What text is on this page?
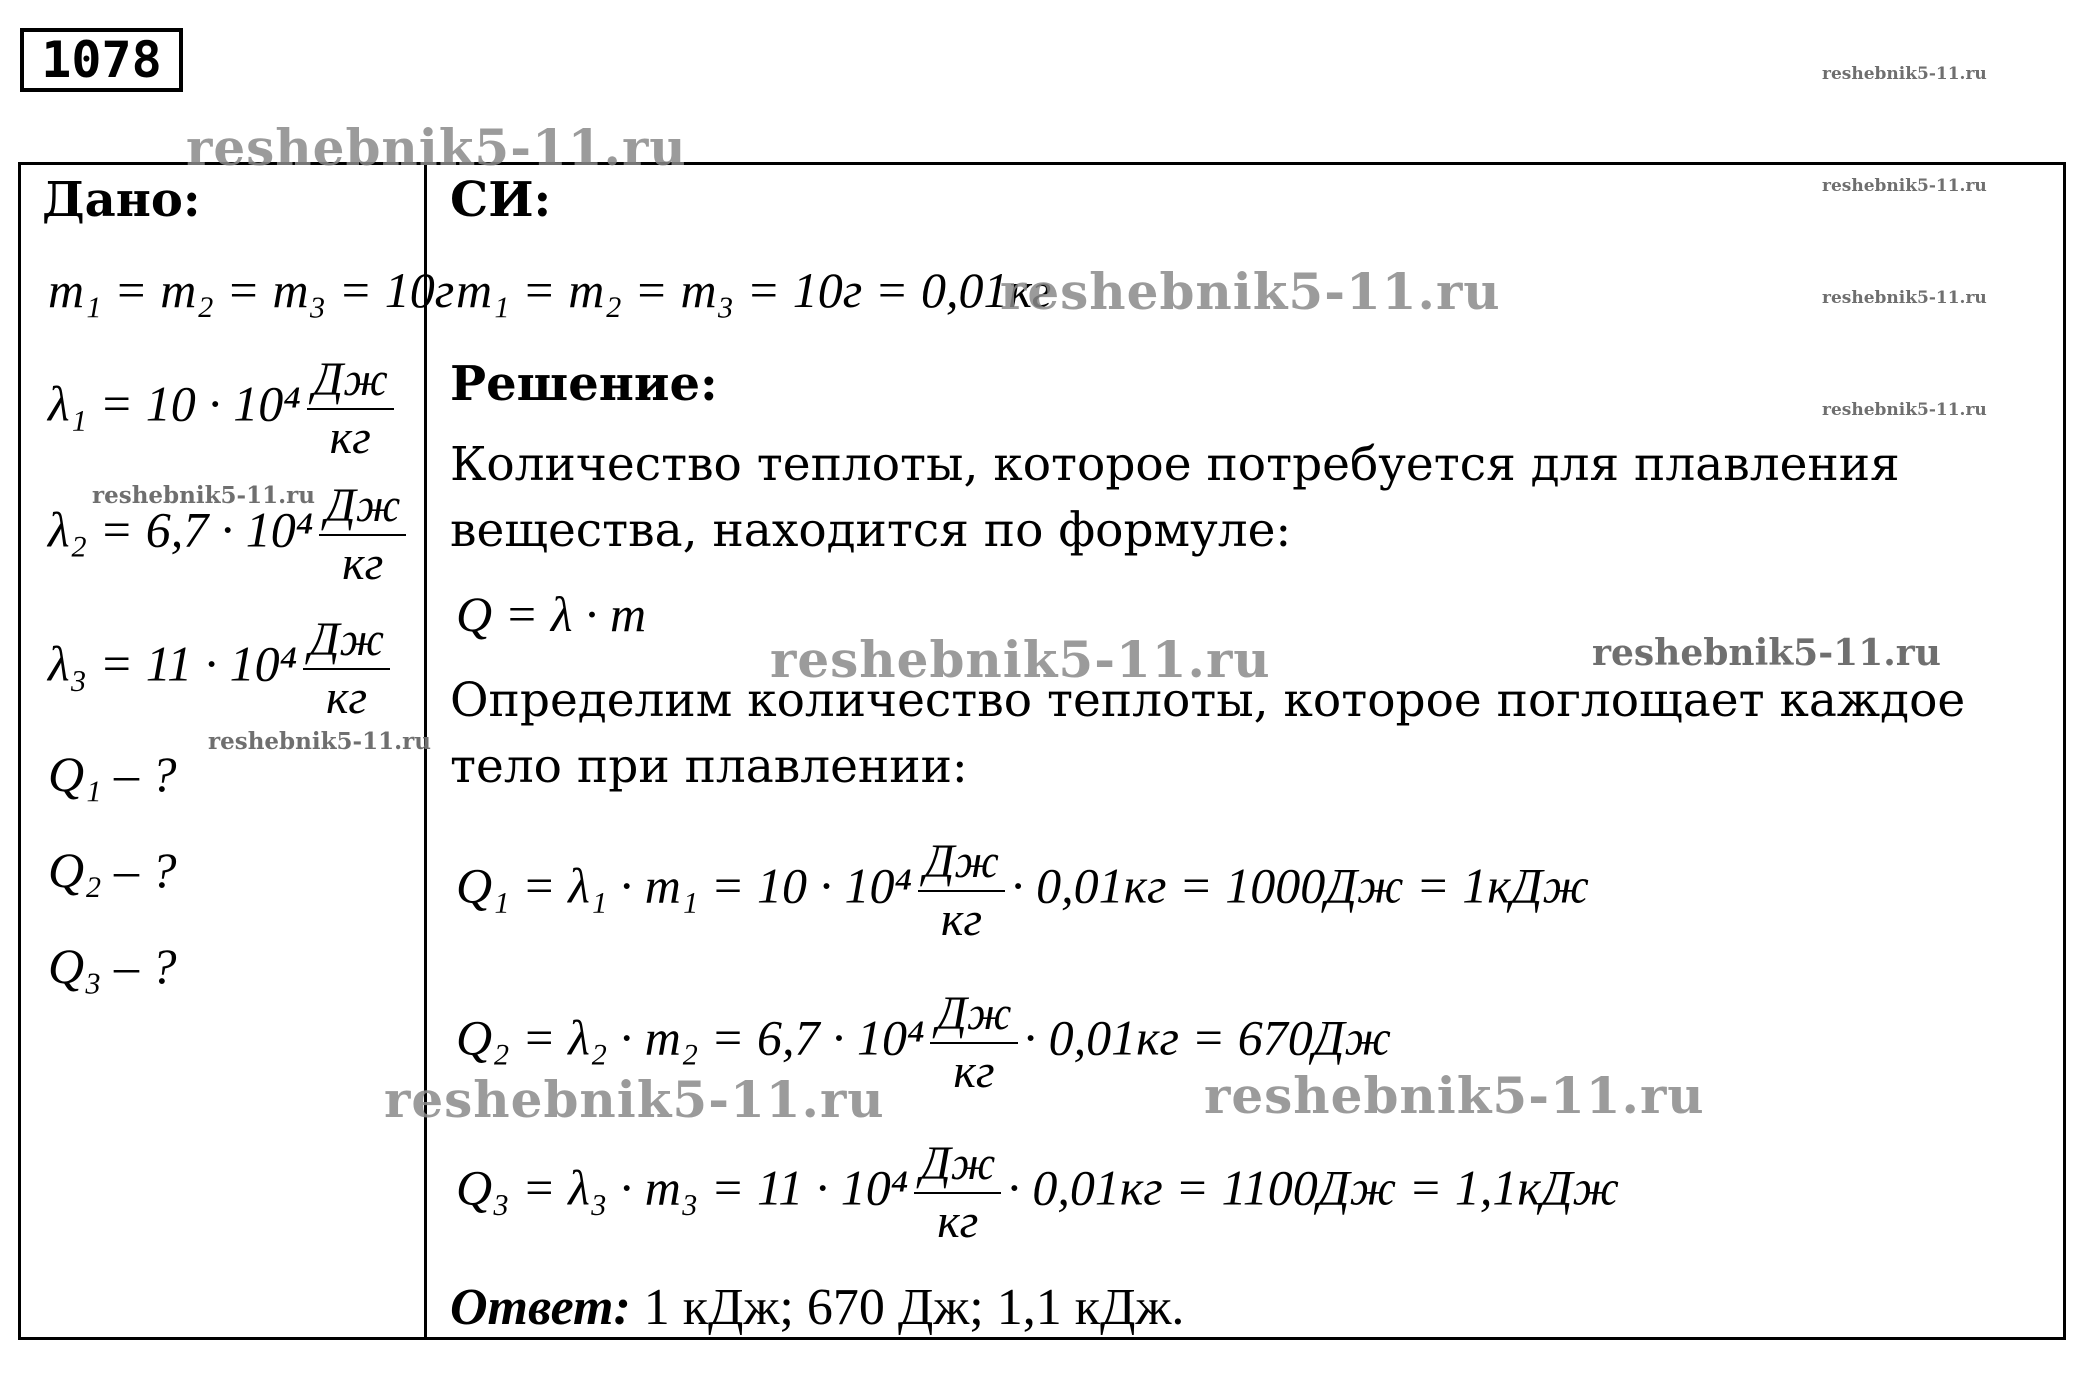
1078
Дано:
m₁ = m₂ = m₃ = 10г
$\lambda_1 = 10 \cdot 10^4 \frac{Дж}{кг}$
$\lambda_2 = 6,7 \cdot 10^4 \frac{Дж}{кг}$
$\lambda_3 = 11 \cdot 10^4 \frac{Дж}{кг}$
Q₁ – ?
Q₂ – ?
Q₃ – ?
СИ:
m₁ = m₂ = m₃ = 10г = 0,01кг
Решение:
Количество теплоты, которое потребуется для плавления
вещества, находится по формуле:
Q = λ · m
Определим количество теплоты, которое поглощает каждое
тело при плавлении:
$Q_1 = \lambda_1 \cdot m_1 = 10 \cdot 10^4 \frac{Дж}{кг} \cdot 0,01кг = 1000Дж = 1кДж$
$Q_2 = \lambda_2 \cdot m_2 = 6,7 \cdot 10^4 \frac{Дж}{кг} \cdot 0,01кг = 670Дж$
$Q_3 = \lambda_3 \cdot m_3 = 11 \cdot 10^4 \frac{Дж}{кг} \cdot 0,01кг = 1100Дж = 1,1кДж$
Ответ: 1 кДж; 670 Дж; 1,1 кДж.
reshebnik5-11.ru
reshebnik5-11.ru
reshebnik5-11.ru
reshebnik5-11.ru	reshebnik5-11.ru
reshebnik5-11.ru
reshebnik5-11.ru
reshebnik5-11.ru
reshebnik5-11.ru
reshebnik5-11.ru
reshebnik5-11.ru
reshebnik5-11.ru
